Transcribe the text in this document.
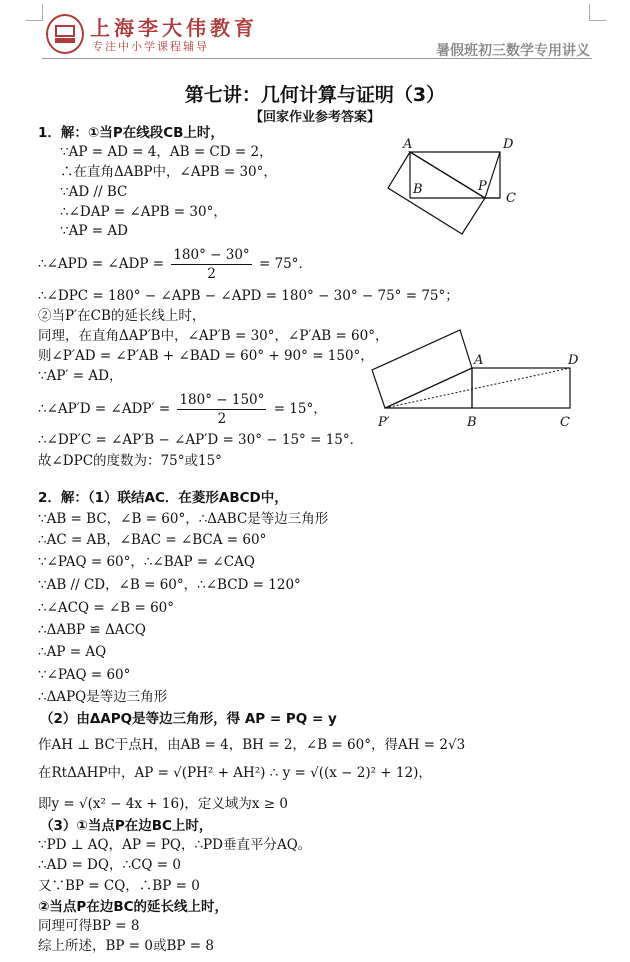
上海李大伟教育
专注中小学课程辅导	暑假班初三数学专用讲义
第七讲：几何计算与证明（3）
【回家作业参考答案】
1．解：①当P在线段CB上时，
∵AP = AD = 4，AB = CD = 2，
∴在直角ΔABP中，∠APB = 30°，
∵AD // BC
∴∠DAP = ∠APB = 30°，
∵AP = AD
∴∠APD = ∠ADP = $\frac{180^\circ - 30^\circ}{2} = 75^\circ$．
∴∠DPC = 180° − ∠APB − ∠APD = 180° − 30° − 75° = 75°；
②当P′在CB的延长线上时，
同理，在直角ΔAP′B中，∠AP′B = 30°，∠P′AB = 60°，
则∠P′AD = ∠P′AB + ∠BAD = 60° + 90° = 150°，
∵AP′ = AD，
∴∠AP′D = ∠ADP′ = $\frac{180^\circ - 150^\circ}{2} = 15^\circ$，
∴∠DP′C = ∠AP′B − ∠AP′D = 30° − 15° = 15°．
故∠DPC的度数为：75°或15°
A	D
B	P
C
A	D
P′	B	C
2．解：（1）联结AC．在菱形ABCD中，
∵AB = BC，∠B = 60°，∴ΔABC是等边三角形
∴AC = AB，∠BAC = ∠BCA = 60°
∵∠PAQ = 60°，∴∠BAP = ∠CAQ
∵AB // CD，∠B = 60°，∴∠BCD = 120°
∴∠ACQ = ∠B = 60°
∴ΔABP ≌ ΔACQ
∴AP = AQ
∵∠PAQ = 60°
∴ΔAPQ是等边三角形
（2）由ΔAPQ是等边三角形，得 AP = PQ = y
作AH ⊥ BC于点H，由AB = 4，BH = 2，∠B = 60°，得AH = 2√3
在RtΔAHP中，AP = √(PH² + AH²) ∴ y = √((x − 2)² + 12)，
即y = √(x² − 4x + 16)，定义域为x ≥ 0
（3）①当点P在边BC上时，
∵PD ⊥ AQ，AP = PQ，∴PD垂直平分AQ。
∴AD = DQ，∴CQ = 0
又∵BP = CQ，∴BP = 0
②当点P在边BC的延长线上时，
同理可得BP = 8
综上所述，BP = 0或BP = 8
